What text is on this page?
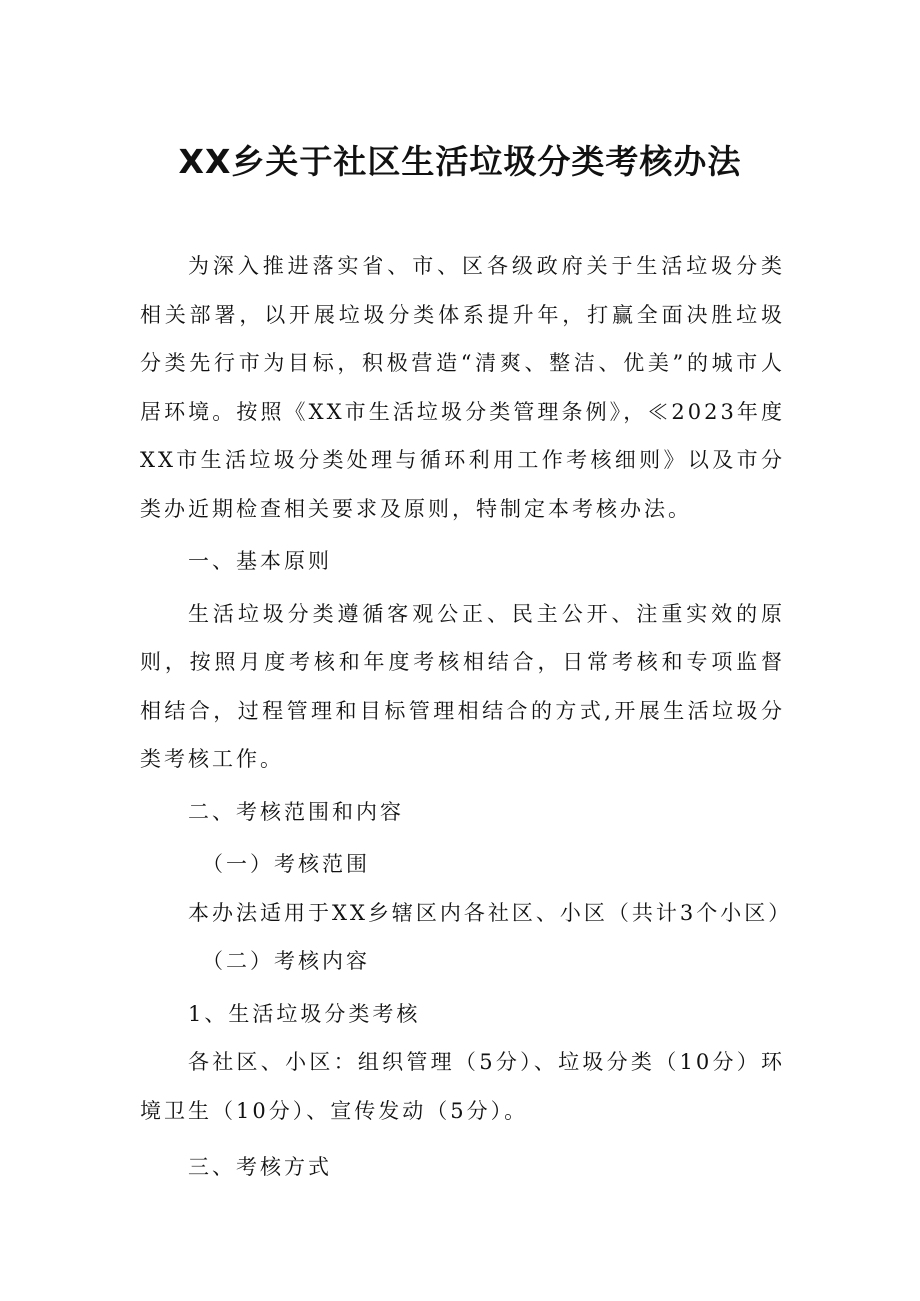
XX乡关于社区生活垃圾分类考核办法

为深入推进落实省、市、区各级政府关于生活垃圾分类相关部署，以开展垃圾分类体系提升年，打赢全面决胜垃圾分类先行市为目标，积极营造“清爽、整洁、优美”的城市人居环境。按照《XX市生活垃圾分类管理条例》，≪2023年度XX市生活垃圾分类处理与循环利用工作考核细则》以及市分类办近期检查相关要求及原则，特制定本考核办法。

一、基本原则

生活垃圾分类遵循客观公正、民主公开、注重实效的原则，按照月度考核和年度考核相结合，日常考核和专项监督相结合，过程管理和目标管理相结合的方式,开展生活垃圾分类考核工作。

二、考核范围和内容

（一）考核范围

本办法适用于XX乡辖区内各社区、小区（共计3个小区）

（二）考核内容

1、生活垃圾分类考核

各社区、小区：组织管理（5分）、垃圾分类（10分）环境卫生（10分）、宣传发动（5分）。

三、考核方式
